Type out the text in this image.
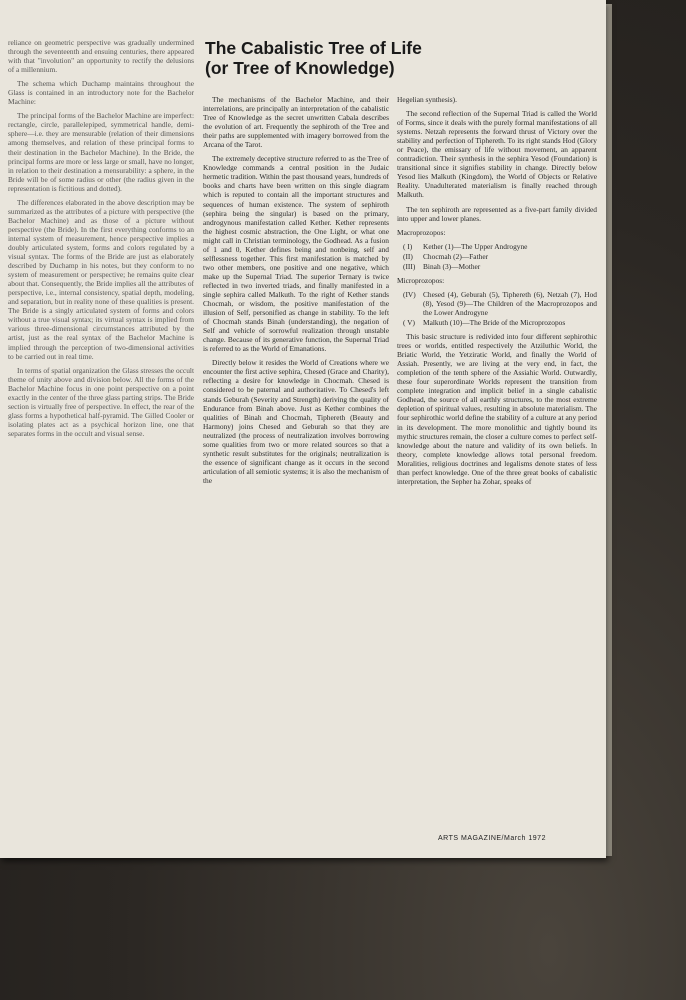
reliance on geometric perspective was gradually undermined through the seventeenth and ensuing centuries, there appeared with that "involution" an opportunity to rectify the delusions of a millennium.

The schema which Duchamp maintains throughout the Glass is contained in an introductory note for the Bachelor Machine:

The principal forms of the Bachelor Machine are imperfect: rectangle, circle, parallelepiped, symmetrical handle, demi-sphere—i.e. they are mensurable (relation of their dimensions among themselves, and relation of these principal forms to their destination in the Bachelor Machine). In the Bride, the principal forms are more or less large or small, have no longer, in relation to their destination a mensurability: a sphere, in the Bride will be of some radius or other (the radius given in the representation is fictitious and dotted).

The differences elaborated in the above description may be summarized as the attributes of a picture with perspective (the Bachelor Machine) and as those of a picture without perspective (the Bride). In the first everything conforms to an internal system of measurement, hence perspective implies a doubly articulated system, forms and colors regulated by a visual syntax. The forms of the Bride are just as elaborately described by Duchamp in his notes, but they conform to no system of measurement or perspective; he remains quite clear about that. Consequently, the Bride implies all the attributes of perspective, i.e., internal consistency, spatial depth, modeling, and separation, but in reality none of these qualities is present. The Bride is a singly articulated system of forms and colors without a true visual syntax; its virtual syntax is implied from various three-dimensional circumstances attributed by the artist, just as the real syntax of the Bachelor Machine is implied through the perception of two-dimensional activities to be carried out in real time.

In terms of spatial organization the Glass stresses the occult theme of unity above and division below. All the forms of the Bachelor Machine focus in one point perspective on a point exactly in the center of the three glass parting strips. The Bride section is virtually free of perspective. In effect, the rear of the glass forms a hypothetical half-pyramid. The Gilled Cooler or isolating plates act as a psychical horizon line, one that separates forms in the occult and visual sense.

The Cabalistic Tree of Life
(or Tree of Knowledge)

The mechanisms of the Bachelor Machine, and their interrelations, are principally an interpretation of the cabalistic Tree of Knowledge as the secret unwritten Cabala describes the evolution of art. Frequently the sephiroth of the Tree and their paths are supplemented with imagery borrowed from the Arcana of the Tarot.

The extremely deceptive structure referred to as the Tree of Knowledge commands a central position in the Judaic hermetic tradition. Within the past thousand years, hundreds of books and charts have been written on this single diagram which is reputed to contain all the important structures and sequences of human existence. The system of sephiroth (sephira being the singular) is based on the primary, androgynous manifestation called Kether. Kether represents the highest cosmic abstraction, the One Light, or what one might call in Christian terminology, the Godhead. As a fusion of 1 and 0, Kether defines being and nonbeing, self and selflessness together. This first manifestation is matched by two other members, one positive and one negative, which make up the Supernal Triad. The superior Ternary is twice reflected in two inverted triads, and finally manifested in a single sephira called Malkuth. To the right of Kether stands Chocmah, or wisdom, the positive manifestation of the illusion of Self, personified as change in stability. To the left of Chocmah stands Binah (understanding), the negation of Self and vehicle of sorrowful realization through unstable change. Because of its generative function, the Supernal Triad is referred to as the World of Emanations.

Directly below it resides the World of Creations where we encounter the first active sephira, Chesed (Grace and Charity), reflecting a desire for knowledge in Chocmah. Chesed is considered to be paternal and authoritative. To Chesed's left stands Geburah (Severity and Strength) deriving the quality of Endurance from Binah above. Just as Kether combines the qualities of Binah and Chocmah, Tiphereth (Beauty and Harmony) joins Chesed and Geburah so that they are neutralized (the process of neutralization involves borrowing some qualities from two or more related sources so that a synthetic result substitutes for the originals; neutralization is the essence of significant change as it occurs in the second articulation of all semiotic systems; it is also the mechanism of the

Hegelian synthesis).

The second reflection of the Supernal Triad is called the World of Forms, since it deals with the purely formal manifestations of all systems. Netzah represents the forward thrust of Victory over the stability and perfection of Tiphereth. To its right stands Hod (Glory or Peace), the emissary of life without movement, an apparent contradiction. Their synthesis in the sephira Yesod (Foundation) is transitional since it signifies stability in change. Directly below Yesod lies Malkuth (Kingdom), the World of Objects or Relative Reality. Unadulterated materialism is finally reached through Malkuth.

The ten sephiroth are represented as a five-part family divided into upper and lower planes.

Macroprozopos:

( I) Kether (1)—The Upper Androgyne
(II) Chocmah (2)—Father
(III) Binah (3)—Mother

Microprozopos:

(IV) Chesed (4), Geburah (5), Tiphereth (6), Netzah (7), Hod (8), Yesod (9)—The Children of the Macroprozopos and the Lower Androgyne
( V) Malkuth (10)—The Bride of the Microprozopos

This basic structure is redivided into four different sephirothic trees or worlds, entitled respectively the Atziluthic World, the Briatic World, the Yetziratic World, and finally the World of Assiah. Presently, we are living at the very end, in fact, the completion of the tenth sphere of the Assiahic World. Outwardly, these four superordinate Worlds represent the transition from complete integration and implicit belief in a single cabalistic Godhead, the source of all earthly structures, to the most extreme depletion of spiritual values, resulting in absolute materialism. The four sephirothic world define the stability of a culture at any period in its development. The more monolithic and tightly bound its mythic structures remain, the closer a culture comes to perfect self-knowledge about the nature and validity of its own beliefs. In theory, complete knowledge allows total personal freedom. Moralities, religious doctrines and legalisms denote states of less than perfect knowledge. One of the three great books of cabalistic interpretation, the Sepher ha Zohar, speaks of

ARTS MAGAZINE/March 1972
